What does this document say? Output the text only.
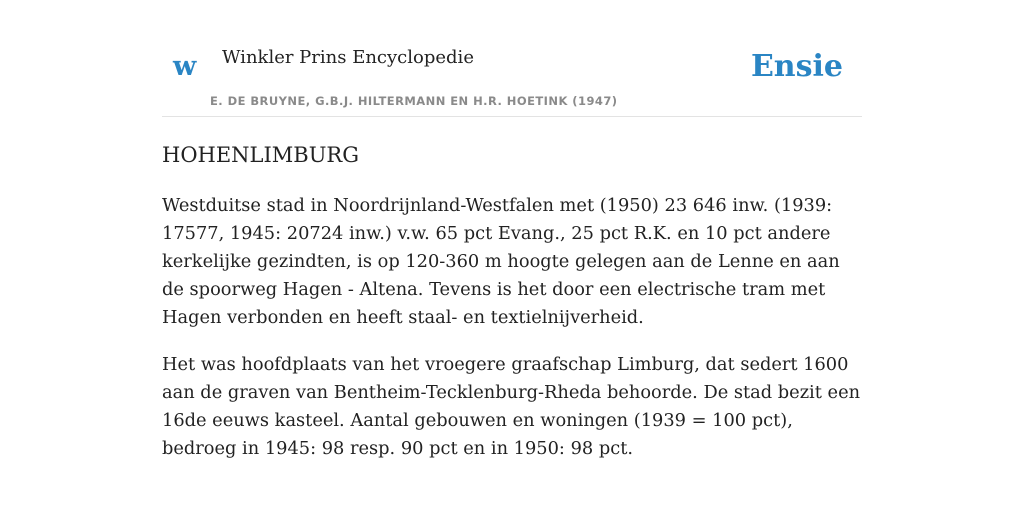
w Winkler Prins Encyclopedie
E. DE BRUYNE, G.B.J. HILTERMANN EN H.R. HOETINK (1947)
Ensie
HOHENLIMBURG

Westduitse stad in Noordrijnland-Westfalen met (1950) 23 646 inw. (1939: 17577, 1945: 20724 inw.) v.w. 65 pct Evang., 25 pct R.K. en 10 pct andere kerkelijke gezindten, is op 120-360 m hoogte gelegen aan de Lenne en aan de spoorweg Hagen - Altena. Tevens is het door een electrische tram met Hagen verbonden en heeft staal- en textielnijverheid.

Het was hoofdplaats van het vroegere graafschap Limburg, dat sedert 1600 aan de graven van Bentheim-Tecklenburg-Rheda behoorde. De stad bezit een 16de eeuws kasteel. Aantal gebouwen en woningen (1939 = 100 pct), bedroeg in 1945: 98 resp. 90 pct en in 1950: 98 pct.
